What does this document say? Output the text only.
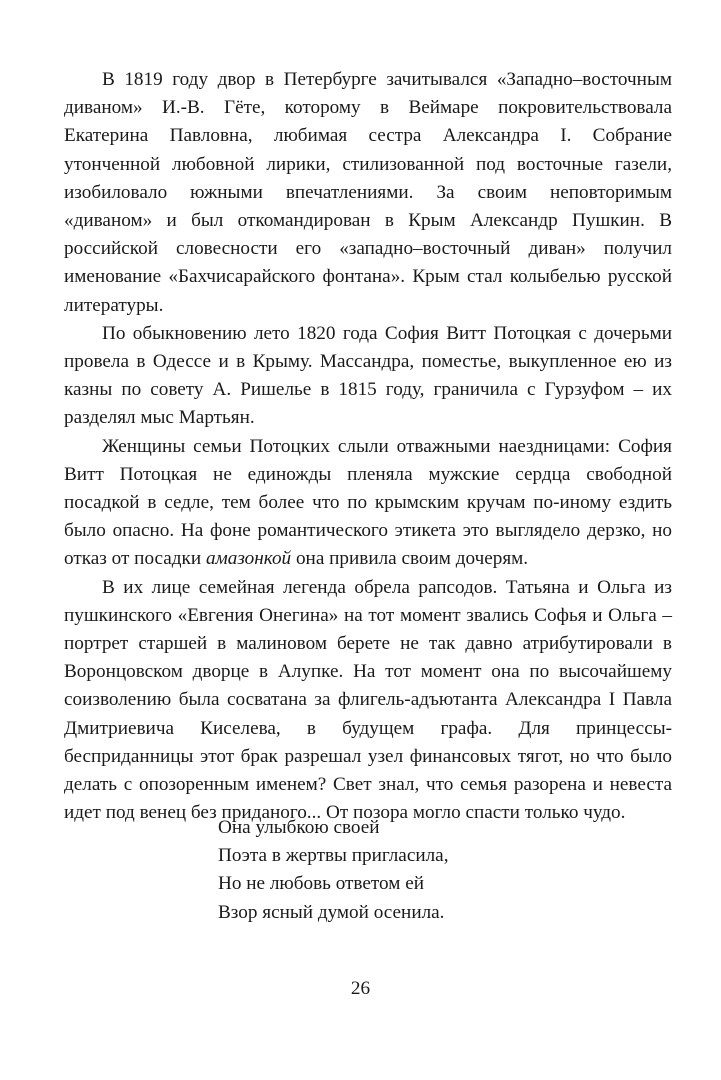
В 1819 году двор в Петербурге зачитывался «Западно–восточным диваном» И.-В. Гёте, которому в Веймаре покровительствовала Екатерина Павловна, любимая сестра Александра I. Собрание утонченной любовной лирики, стилизованной под восточные газели, изобиловало южными впечатлениями. За своим неповторимым «диваном» и был откомандирован в Крым Александр Пушкин. В российской словесности его «западно–восточный диван» получил именование «Бахчисарайского фонтана». Крым стал колыбелью русской литературы.

По обыкновению лето 1820 года София Витт Потоцкая с дочерьми провела в Одессе и в Крыму. Массандра, поместье, выкупленное ею из казны по совету А. Ришелье в 1815 году, граничила с Гурзуфом – их разделял мыс Мартьян.

Женщины семьи Потоцких слыли отважными наездницами: София Витт Потоцкая не единожды пленяла мужские сердца свободной посадкой в седле, тем более что по крымским кручам по-иному ездить было опасно. На фоне романтического этикета это выглядело дерзко, но отказ от посадки амазонкой она привила своим дочерям.

В их лице семейная легенда обрела рапсодов. Татьяна и Ольга из пушкинского «Евгения Онегина» на тот момент звались Софья и Ольга – портрет старшей в малиновом берете не так давно атрибутировали в Воронцовском дворце в Алупке. На тот момент она по высочайшему соизволению была сосватана за флигель-адъютанта Александра I Павла Дмитриевича Киселева, в будущем графа. Для принцессы-бесприданницы этот брак разрешал узел финансовых тягот, но что было делать с опозоренным именем? Свет знал, что семья разорена и невеста идет под венец без приданого... От позора могло спасти только чудо.

Она улыбкою своей
Поэта в жертвы пригласила,
Но не любовь ответом ей
Взор ясный думой осенила.
26
